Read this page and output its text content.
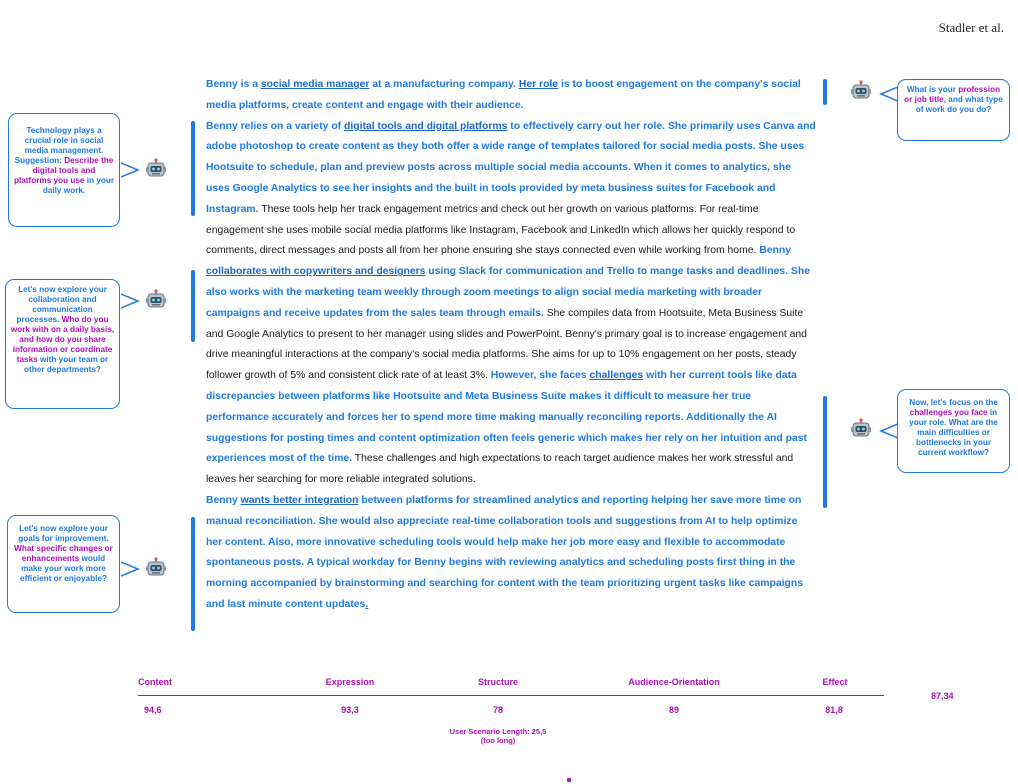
Stadler et al.

Benny is a social media manager at a manufacturing company. Her role is to boost engagement on the company's social media platforms, create content and engage with their audience.
Benny relies on a variety of digital tools and digital platforms to effectively carry out her role. She primarily uses Canva and adobe photoshop to create content as they both offer a wide range of templates tailored for social media posts. She uses Hootsuite to schedule, plan and preview posts across multiple social media accounts. When it comes to analytics, she uses Google Analytics to see her insights and the built in tools provided by meta business suites for Facebook and Instagram. These tools help her track engagement metrics and check out her growth on various platforms. For real-time engagement she uses mobile social media platforms like Instagram, Facebook and LinkedIn which allows her quickly respond to comments, direct messages and posts all from her phone ensuring she stays connected even while working from home. Benny collaborates with copywriters and designers using Slack for communication and Trello to mange tasks and deadlines. She also works with the marketing team weekly through zoom meetings to align social media marketing with broader campaigns and receive updates from the sales team through emails. She compiles data from Hootsuite, Meta Business Suite and Google Analytics to present to her manager using slides and PowerPoint. Benny's primary goal is to increase engagement and drive meaningful interactions at the company's social media platforms. She aims for up to 10% engagement on her posts, steady follower growth of 5% and consistent click rate of at least 3%. However, she faces challenges with her current tools like data discrepancies between platforms like Hootsuite and Meta Business Suite makes it difficult to measure her true performance accurately and forces her to spend more time making manually reconciling reports. Additionally the AI suggestions for posting times and content optimization often feels generic which makes her rely on her intuition and past experiences most of the time. These challenges and high expectations to reach target audience makes her work stressful and leaves her searching for more reliable integrated solutions.
Benny wants better integration between platforms for streamlined analytics and reporting helping her save more time on manual reconciliation. She would also appreciate real-time collaboration tools and suggestions from AI to help optimize her content. Also, more innovative scheduling tools would help make her job more easy and flexible to accommodate spontaneous posts. A typical workday for Benny begins with reviewing analytics and scheduling posts first thing in the morning accompanied by brainstorming and searching for content with the team prioritizing urgent tasks like campaigns and last minute content updates.

What is your profession or job title, and what type of work do you do?
Technology plays a crucial role in social media management. Suggestion: Describe the digital tools and platforms you use in your daily work.
Let's now explore your collaboration and communication processes. Who do you work with on a daily basis, and how do you share information or coordinate tasks with your team or other departments?
Now, let's focus on the challenges you face in your role. What are the main difficulties or bottlenecks in your current workflow?
Let's now explore your goals for improvement. What specific changes or enhancements would make your work more efficient or enjoyable?
Content	Expression	Structure	Audience-Orientation	Effect
94,6	93,3	78	89	81,8
87,34
User Scenario Length: 25,5
(too long)
